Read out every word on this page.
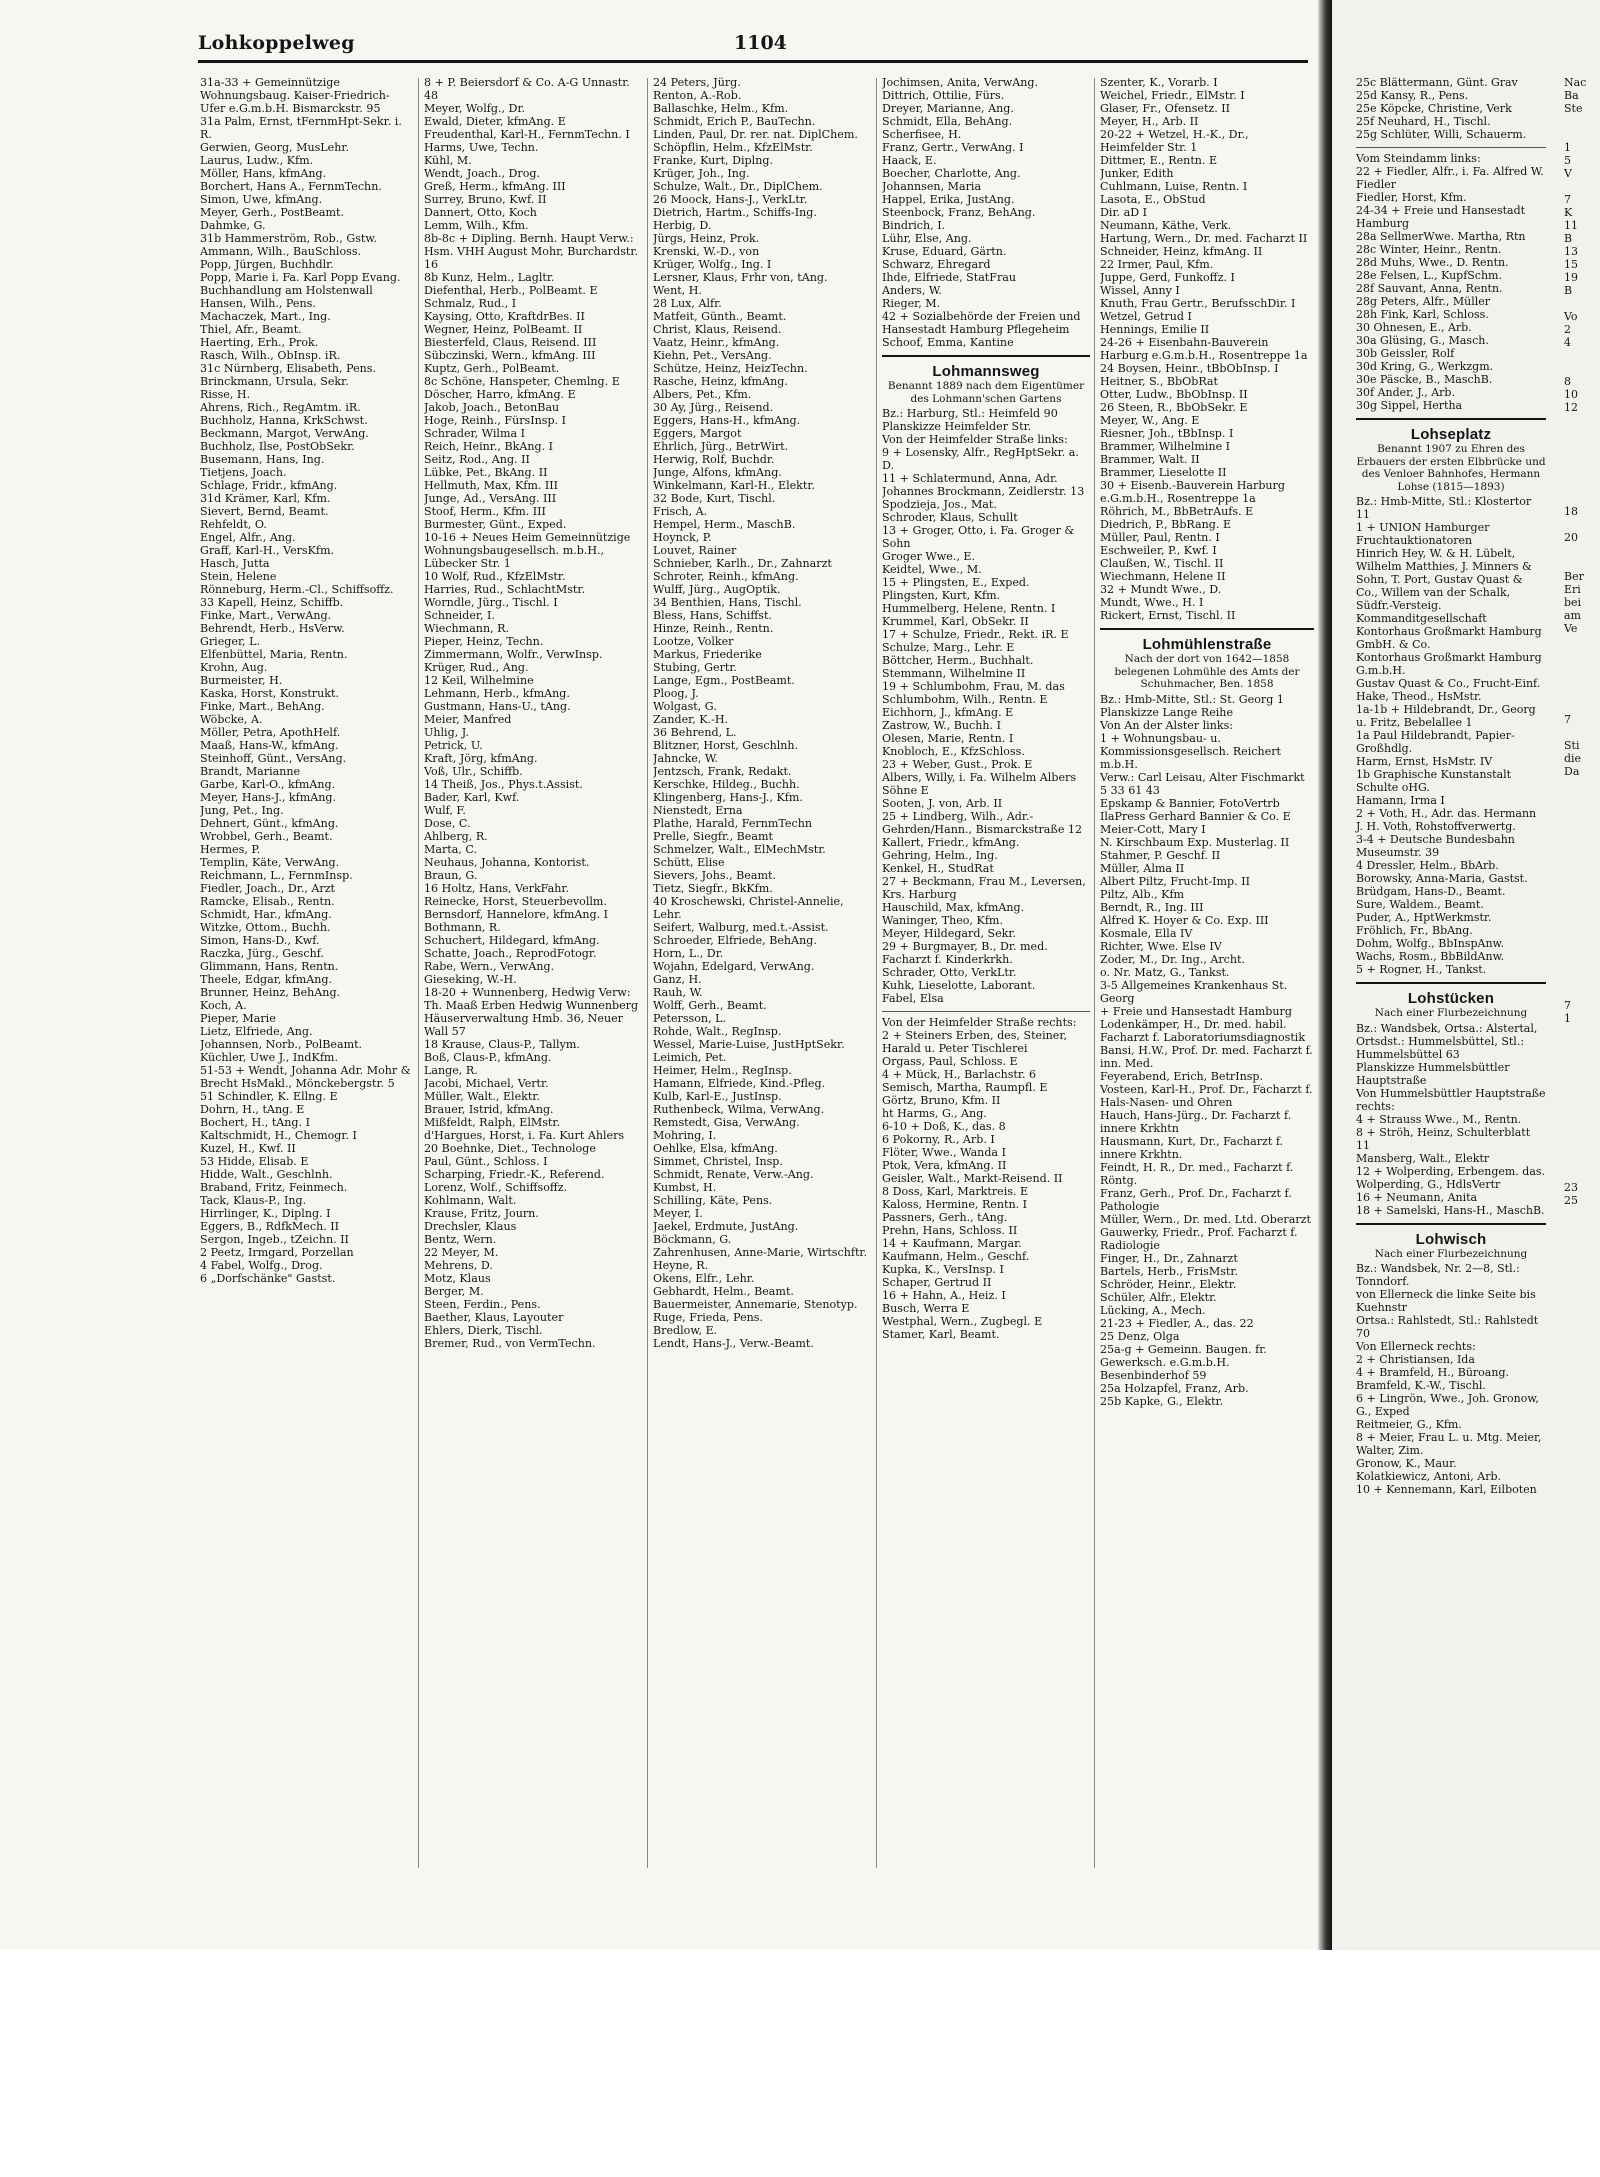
Lohkoppelweg	1104
31a-33 + Gemeinnützige Wohnungsbaug. Kaiser-Friedrich-Ufer e.G.m.b.H. Bismarckstr. 95
31a Palm, Ernst, tFernmHpt-Sekr. i. R.
Gerwien, Georg, MusLehr.
Laurus, Ludw., Kfm.
Möller, Hans, kfmAng.
Borchert, Hans A., FernmTechn.
Simon, Uwe, kfmAng.
Meyer, Gerh., PostBeamt.
Dahmke, G.
31b Hammerström, Rob., Gstw.
Ammann, Wilh., BauSchloss.
Popp, Jürgen, Buchhdlr.
Popp, Marie i. Fa. Karl Popp Evang. Buchhandlung am Holstenwall
Hansen, Wilh., Pens.
Machaczek, Mart., Ing.
Thiel, Afr., Beamt.
Haerting, Erh., Prok.
Rasch, Wilh., ObInsp. iR.
31c Nürnberg, Elisabeth, Pens.
Brinckmann, Ursula, Sekr.
Risse, H.
Ahrens, Rich., RegAmtm. iR.
Buchholz, Hanna, KrkSchwst.
Beckmann, Margot, VerwAng.
Buchholz, Ilse, PostObSekr.
Busemann, Hans, Ing.
Tietjens, Joach.
Schlage, Fridr., kfmAng.
31d Krämer, Karl, Kfm.
Sievert, Bernd, Beamt.
Rehfeldt, O.
Engel, Alfr., Ang.
Graff, Karl-H., VersKfm.
Hasch, Jutta
Stein, Helene
Rönneburg, Herm.-Cl., Schiffsoffz.
33 Kapell, Heinz, Schiffb.
Finke, Mart., VerwAng.
Behrendt, Herb., HsVerw.
Grieger, L.
Elfenbüttel, Maria, Rentn.
Krohn, Aug.
Burmeister, H.
Kaska, Horst, Konstrukt.
Finke, Mart., BehAng.
Wöbcke, A.
Möller, Petra, ApothHelf.
Maaß, Hans-W., kfmAng.
Steinhoff, Günt., VersAng.
Brandt, Marianne
Garbe, Karl-O., kfmAng.
Meyer, Hans-J., kfmAng.
Jung, Pet., Ing.
Dehnert, Günt., kfmAng.
Wrobbel, Gerh., Beamt.
Hermes, P.
Templin, Käte, VerwAng.
Reichmann, L., FernmInsp.
Fiedler, Joach., Dr., Arzt
Ramcke, Elisab., Rentn.
Schmidt, Har., kfmAng.
Witzke, Ottom., Buchh.
Simon, Hans-D., Kwf.
Raczka, Jürg., Geschf.
Glimmann, Hans, Rentn.
Theele, Edgar, kfmAng.
Brunner, Heinz, BehAng.
Koch, A.
Pieper, Marie
Lietz, Elfriede, Ang.
Johannsen, Norb., PolBeamt.
Küchler, Uwe J., IndKfm.
51-53 + Wendt, Johanna Adr. Mohr & Brecht HsMakl., Mönckebergstr. 5
51 Schindler, K. Ellng. E
Dohrn, H., tAng. E
Bochert, H., tAng. I
Kaltschmidt, H., Chemogr. I
Kuzel, H., Kwf. II
53 Hidde, Elisab. E
Hidde, Walt., Geschlnh.
Braband, Fritz, Feinmech.
Tack, Klaus-P., Ing.
Hirrlinger, K., Diplng. I
Eggers, B., RdfkMech. II
Sergon, Ingeb., tZeichn. II
2 Peetz, Irmgard, Porzellan
4 Fabel, Wolfg., Drog.
6 „Dorfschänke" Gastst.
8 + P. Beiersdorf & Co. A-G Unnastr. 48
Meyer, Wolfg., Dr.
Ewald, Dieter, kfmAng. E
Freudenthal, Karl-H., FernmTechn. I
Harms, Uwe, Techn.
Kühl, M.
Wendt, Joach., Drog.
Greß, Herm., kfmAng. III
Surrey, Bruno, Kwf. II
Dannert, Otto, Koch
Lemm, Wilh., Kfm.
8b-8c + Dipling. Bernh. Haupt Verw.: Hsm. VHH August Mohr, Burchardstr. 16
8b Kunz, Helm., Lagltr.
Diefenthal, Herb., PolBeamt. E
Schmalz, Rud., I
Kaysing, Otto, KraftdrBes. II
Wegner, Heinz, PolBeamt. II
Biesterfeld, Claus, Reisend. III
Sübczinski, Wern., kfmAng. III
Kuptz, Gerh., PolBeamt.
8c Schöne, Hanspeter, Chemlng. E
Döscher, Harro, kfmAng. E
Jakob, Joach., BetonBau
Hoge, Reinh., FürsInsp. I
Schrader, Wilma I
Reich, Heinr., BkAng. I
Seitz, Rod., Ang. II
Lübke, Pet., BkAng. II
Hellmuth, Max, Kfm. III
Junge, Ad., VersAng. III
Stoof, Herm., Kfm. III
Burmester, Günt., Exped.
10-16 + Neues Heim Gemeinnützige Wohnungsbaugesellsch. m.b.H., Lübecker Str. 1
10 Wolf, Rud., KfzElMstr.
Harries, Rud., SchlachtMstr.
Worndle, Jürg., Tischl. I
Schneider, I.
Wiechmann, R.
Pieper, Heinz, Techn.
Zimmermann, Wolfr., VerwInsp.
Krüger, Rud., Ang.
12 Keil, Wilhelmine
Lehmann, Herb., kfmAng.
Gustmann, Hans-U., tAng.
Meier, Manfred
Uhlig, J.
Petrick, U.
Kraft, Jörg, kfmAng.
Voß, Ulr., Schiffb.
14 Theiß, Jos., Phys.t.Assist.
Bader, Karl, Kwf.
Wulf, F.
Dose, C.
Ahlberg, R.
Marta, C.
Neuhaus, Johanna, Kontorist.
Braun, G.
16 Holtz, Hans, VerkFahr.
Reinecke, Horst, Steuerbevollm.
Bernsdorf, Hannelore, kfmAng. I
Bothmann, R.
Schuchert, Hildegard, kfmAng.
Schatte, Joach., ReprodFotogr.
Rabe, Wern., VerwAng.
Gieseking, W.-H.
18-20 + Wunnenberg, Hedwig Verw: Th. Maaß Erben Hedwig Wunnenberg Häuserverwaltung Hmb. 36, Neuer Wall 57
18 Krause, Claus-P., Tallym.
Boß, Claus-P., kfmAng.
Lange, R.
Jacobi, Michael, Vertr.
Müller, Walt., Elektr.
Brauer, Istrid, kfmAng.
Mißfeldt, Ralph, ElMstr.
d'Hargues, Horst, i. Fa. Kurt Ahlers
20 Boehnke, Diet., Technologe
Paul, Günt., Schloss. I
Scharping, Friedr.-K., Referend.
Lorenz, Wolf., Schiffsoffz.
Kohlmann, Walt.
Krause, Fritz, Journ.
Drechsler, Klaus
Bentz, Wern.
22 Meyer, M.
Mehrens, D.
Motz, Klaus
Berger, M.
Steen, Ferdin., Pens.
Baether, Klaus, Layouter
Ehlers, Dierk, Tischl.
Bremer, Rud., von VermTechn.
24 Peters, Jürg.
Renton, A.-Rob.
Ballaschke, Helm., Kfm.
Schmidt, Erich P., BauTechn.
Linden, Paul, Dr. rer. nat. DiplChem.
Schöpflin, Helm., KfzElMstr.
Franke, Kurt, Diplng.
Krüger, Joh., Ing.
Schulze, Walt., Dr., DiplChem.
26 Moock, Hans-J., VerkLtr.
Dietrich, Hartm., Schiffs-Ing.
Herbig, D.
Jürgs, Heinz, Prok.
Krenski, W.-D., von
Krüger, Wolfg., Ing. I
Lersner, Klaus, Frhr von, tAng.
Went, H.
28 Lux, Alfr.
Matfeit, Günth., Beamt.
Christ, Klaus, Reisend.
Vaatz, Heinr., kfmAng.
Kiehn, Pet., VersAng.
Schütze, Heinz, HeizTechn.
Rasche, Heinz, kfmAng.
Albers, Pet., Kfm.
30 Ay, Jürg., Reisend.
Eggers, Hans-H., kfmAng.
Eggers, Margot
Ehrlich, Jürg., BetrWirt.
Herwig, Rolf, Buchdr.
Junge, Alfons, kfmAng.
Winkelmann, Karl-H., Elektr.
32 Bode, Kurt, Tischl.
Frisch, A.
Hempel, Herm., MaschB.
Hoynck, P.
Louvet, Rainer
Schnieber, Karlh., Dr., Zahnarzt
Schroter, Reinh., kfmAng.
Wulff, Jürg., AugOptik.
34 Benthien, Hans, Tischl.
Bless, Hans, Schiffst.
Hinze, Reinh., Rentn.
Lootze, Volker
Markus, Friederike
Stubing, Gertr.
Lange, Egm., PostBeamt.
Ploog, J.
Wolgast, G.
Zander, K.-H.
36 Behrend, L.
Blitzner, Horst, Geschlnh.
Jahncke, W.
Jentzsch, Frank, Redakt.
Kerschke, Hildeg., Buchh.
Klingenberg, Hans-J., Kfm.
Nienstedt, Erna
Plathe, Harald, FernmTechn
Prelle, Siegfr., Beamt
Schmelzer, Walt., ElMechMstr.
Schütt, Elise
Sievers, Johs., Beamt.
Tietz, Siegfr., BkKfm.
40 Kroschewski, Christel-Annelie, Lehr.
Seifert, Walburg, med.t.-Assist.
Schroeder, Elfriede, BehAng.
Horn, L., Dr.
Wojahn, Edelgard, VerwAng.
Ganz, H.
Rauh, W.
Wolff, Gerh., Beamt.
Petersson, L.
Rohde, Walt., RegInsp.
Wessel, Marie-Luise, JustHptSekr.
Leimich, Pet.
Heimer, Helm., RegInsp.
Hamann, Elfriede, Kind.-Pfleg.
Kulb, Karl-E., JustInsp.
Ruthenbeck, Wilma, VerwAng.
Remstedt, Gisa, VerwAng.
Mohring, I.
Oehlke, Elsa, kfmAng.
Simmet, Christel, Insp.
Schmidt, Renate, Verw.-Ang.
Kumbst, H.
Schilling, Käte, Pens.
Meyer, I.
Jaekel, Erdmute, JustAng.
Böckmann, G.
Zahrenhusen, Anne-Marie, Wirtschftr.
Heyne, R.
Okens, Elfr., Lehr.
Gebhardt, Helm., Beamt.
Bauermeister, Annemarie, Stenotyp.
Ruge, Frieda, Pens.
Bredlow, E.
Lendt, Hans-J., Verw.-Beamt.
Jochimsen, Anita, VerwAng.
Dittrich, Ottilie, Fürs.
Dreyer, Marianne, Ang.
Schmidt, Ella, BehAng.
Scherfisee, H.
Franz, Gertr., VerwAng. I
Haack, E.
Boecher, Charlotte, Ang.
Johannsen, Maria
Happel, Erika, JustAng.
Steenbock, Franz, BehAng.
Bindrich, I.
Lühr, Else, Ang.
Kruse, Eduard, Gärtn.
Schwarz, Ehregard
Ihde, Elfriede, StatFrau
Anders, W.
Rieger, M.
42 + Sozialbehörde der Freien und Hansestadt Hamburg Pflegeheim
Schoof, Emma, Kantine
Lohmannsweg
Benannt 1889 nach dem Eigentümer des Lohmann'schen Gartens
Bz.: Harburg, Stl.: Heimfeld 90
Planskizze Heimfelder Str.
Von der Heimfelder Straße links:
9 + Losensky, Alfr., RegHptSekr. a. D.
11 + Schlatermund, Anna, Adr. Johannes Brockmann, Zeidlerstr. 13
Spodzieja, Jos., Mat.
Schroder, Klaus, Schullt
13 + Groger, Otto, i. Fa. Groger & Sohn
Groger Wwe., E.
Keidtel, Wwe., M.
15 + Plingsten, E., Exped.
Plingsten, Kurt, Kfm.
Hummelberg, Helene, Rentn. I
Krummel, Karl, ObSekr. II
17 + Schulze, Friedr., Rekt. iR. E
Schulze, Marg., Lehr. E
Böttcher, Herm., Buchhalt.
Stemmann, Wilhelmine II
19 + Schlumbohm, Frau, M. das Schlumbohm, Wilh., Rentn. E
Eichhorn, J., kfmAng. E
Zastrow, W., Buchh. I
Olesen, Marie, Rentn. I
Knobloch, E., KfzSchloss.
23 + Weber, Gust., Prok. E
Albers, Willy, i. Fa. Wilhelm Albers Söhne E
Sooten, J. von, Arb. II
25 + Lindberg, Wilh., Adr.-Gehrden/Hann., Bismarckstraße 12
Kallert, Friedr., kfmAng.
Gehring, Helm., Ing.
Kenkel, H., StudRat
27 + Beckmann, Frau M., Leversen, Krs. Harburg
Hauschild, Max, kfmAng.
Waninger, Theo, Kfm.
Meyer, Hildegard, Sekr.
29 + Burgmayer, B., Dr. med. Facharzt f. Kinderkrkh.
Schrader, Otto, VerkLtr.
Kuhk, Lieselotte, Laborant.
Fabel, Elsa
Von der Heimfelder Straße rechts:
2 + Steiners Erben, des, Steiner, Harald u. Peter Tischlerei
Orgass, Paul, Schloss. E
4 + Mück, H., Barlachstr. 6
Semisch, Martha, Raumpfl. E
Görtz, Bruno, Kfm. II
ht Harms, G., Ang.
6-10 + Doß, K., das. 8
6 Pokorny, R., Arb. I
Flöter, Wwe., Wanda I
Ptok, Vera, kfmAng. II
Geisler, Walt., Markt-Reisend. II
8 Doss, Karl, Marktreis. E
Kaloss, Hermine, Rentn. I
Passners, Gerh., tAng.
Prehn, Hans, Schloss. II
14 + Kaufmann, Margar.
Kaufmann, Helm., Geschf.
Kupka, K., VersInsp. I
Schaper, Gertrud II
16 + Hahn, A., Heiz. I
Busch, Werra E
Westphal, Wern., Zugbegl. E
Stamer, Karl, Beamt.
Szenter, K., Vorarb. I
Weichel, Friedr., ElMstr. I
Glaser, Fr., Ofensetz. II
Meyer, H., Arb. II
20-22 + Wetzel, H.-K., Dr., Heimfelder Str. 1
Dittmer, E., Rentn. E
Junker, Edith
Cuhlmann, Luise, Rentn. I
Lasota, E., ObStud
Dir. aD I
Neumann, Käthe, Verk.
Hartung, Wern., Dr. med. Facharzt II
Schneider, Heinz, kfmAng. II
22 Irmer, Paul, Kfm.
Juppe, Gerd, Funkoffz. I
Wissel, Anny I
Knuth, Frau Gertr., BerufsschDir. I
Wetzel, Getrud I
Hennings, Emilie II
24-26 + Eisenbahn-Bauverein Harburg e.G.m.b.H., Rosentreppe 1a
24 Boysen, Heinr., tBbObInsp. I
Heitner, S., BbObRat
Otter, Ludw., BbObInsp. II
26 Steen, R., BbObSekr. E
Meyer, W., Ang. E
Riesner, Joh., tBbInsp. I
Brammer, Wilhelmine I
Brammer, Walt. II
Brammer, Lieselotte II
30 + Eisenb.-Bauverein Harburg e.G.m.b.H., Rosentreppe 1a
Röhrich, M., BbBetrAufs. E
Diedrich, P., BbRang. E
Müller, Paul, Rentn. I
Eschweiler, P., Kwf. I
Claußen, W., Tischl. II
Wiechmann, Helene II
32 + Mundt Wwe., D.
Mundt, Wwe., H. I
Rickert, Ernst, Tischl. II
Lohmühlenstraße
Nach der dort von 1642—1858 belegenen Lohmühle des Amts der Schuhmacher, Ben. 1858
Bz.: Hmb-Mitte, Stl.: St. Georg 1
Planskizze Lange Reihe
Von An der Alster links:
1 + Wohnungsbau- u. Kommissionsgesellsch. Reichert m.b.H.
Verw.: Carl Leisau, Alter Fischmarkt 5 33 61 43
Epskamp & Bannier, FotoVertrb
IlaPress Gerhard Bannier & Co. E
Meier-Cott, Mary I
N. Kirschbaum Exp. Musterlag. II
Stahmer, P. Geschf. II
Müller, Alma II
Albert Piltz, Frucht-Imp. II
Piltz, Alb., Kfm
Berndt, R., Ing. III
Alfred K. Hoyer & Co. Exp. III
Kosmale, Ella IV
Richter, Wwe. Else IV
Zoder, M., Dr. Ing., Archt.
o. Nr. Matz, G., Tankst.
3-5 Allgemeines Krankenhaus St. Georg
+ Freie und Hansestadt Hamburg
Lodenkämper, H., Dr. med. habil. Facharzt f. Laboratoriumsdiagnostik
Bansi, H.W., Prof. Dr. med. Facharzt f. inn. Med.
Feyerabend, Erich, BetrInsp.
Vosteen, Karl-H., Prof. Dr., Facharzt f. Hals-Nasen- und Ohren
Hauch, Hans-Jürg., Dr. Facharzt f. innere Krkhtn
Hausmann, Kurt, Dr., Facharzt f. innere Krkhtn.
Feindt, H. R., Dr. med., Facharzt f. Röntg.
Franz, Gerh., Prof. Dr., Facharzt f. Pathologie
Müller, Wern., Dr. med. Ltd. Oberarzt
Gauwerky, Friedr., Prof. Facharzt f. Radiologie
Finger, H., Dr., Zahnarzt
Bartels, Herb., FrisMstr.
Schröder, Heinr., Elektr.
Schüler, Alfr., Elektr.
Lücking, A., Mech.
21-23 + Fiedler, A., das. 22
25 Denz, Olga
25a-g + Gemeinn. Baugen. fr. Gewerksch. e.G.m.b.H. Besenbinderhof 59
25a Holzapfel, Franz, Arb.
25b Kapke, G., Elektr.
25c Blättermann, Günt. Grav
25d Kansy, R., Pens.
25e Köpcke, Christine, Verk
25f Neuhard, H., Tischl.
25g Schlüter, Willi, Schauerm.
Vom Steindamm links:
22 + Fiedler, Alfr., i. Fa. Alfred W. Fiedler
Fiedler, Horst, Kfm.
24-34 + Freie und Hansestadt Hamburg
28a SellmerWwe. Martha, Rtn
28c Winter, Heinr., Rentn.
28d Muhs, Wwe., D. Rentn.
28e Felsen, L., KupfSchm.
28f Sauvant, Anna, Rentn.
28g Peters, Alfr., Müller
28h Fink, Karl, Schloss.
30 Ohnesen, E., Arb.
30a Glüsing, G., Masch.
30b Geissler, Rolf
30d Kring, G., Werkzgm.
30e Päscke, B., MaschB.
30f Ander, J., Arb.
30g Sippel, Hertha
Lohseplatz
Benannt 1907 zu Ehren des Erbauers der ersten Elbbrücke und des Venloer Bahnhofes, Hermann Lohse (1815—1893)
Bz.: Hmb-Mitte, Stl.: Klostertor 11
1 + UNION Hamburger Fruchtauktionatoren
Hinrich Hey, W. & H. Lübelt, Wilhelm Matthies, J. Minners & Sohn, T. Port, Gustav Quast & Co., Willem van der Schalk, Südfr.-Versteig.
Kommanditgesellschaft Kontorhaus Großmarkt Hamburg GmbH. & Co.
Kontorhaus Großmarkt Hamburg G.m.b.H.
Gustav Quast & Co., Frucht-Einf.
Hake, Theod., HsMstr.
1a-1b + Hildebrandt, Dr., Georg u. Fritz, Bebelallee 1
1a Paul Hildebrandt, Papier-Großhdlg.
Harm, Ernst, HsMstr. IV
1b Graphische Kunstanstalt Schulte oHG.
Hamann, Irma I
2 + Voth, H., Adr. das. Hermann J. H. Voth, Rohstoffverwertg.
3-4 + Deutsche Bundesbahn Museumstr. 39
4 Dressler, Helm., BbArb.
Borowsky, Anna-Maria, Gastst.
Brüdgam, Hans-D., Beamt.
Sure, Waldem., Beamt.
Puder, A., HptWerkmstr.
Fröhlich, Fr., BbAng.
Dohm, Wolfg., BbInspAnw.
Wachs, Rosm., BbBildAnw.
5 + Rogner, H., Tankst.
Lohstücken
Nach einer Flurbezeichnung
Bz.: Wandsbek, Ortsa.: Alstertal, Ortsdst.: Hummelsbüttel, Stl.: Hummelsbüttel 63
Planskizze Hummelsbüttler Hauptstraße
Von Hummelsbüttler Hauptstraße rechts:
4 + Strauss Wwe., M., Rentn.
8 + Ströh, Heinz, Schulterblatt 11
Mansberg, Walt., Elektr
12 + Wolperding, Erbengem. das.
Wolperding, G., HdlsVertr
16 + Neumann, Anita
18 + Samelski, Hans-H., MaschB.
Lohwisch
Nach einer Flurbezeichnung
Bz.: Wandsbek, Nr. 2—8, Stl.: Tonndorf.
von Ellerneck die linke Seite bis Kuehnstr
Ortsa.: Rahlstedt, Stl.: Rahlstedt 70
Von Ellerneck rechts:
2 + Christiansen, Ida
4 + Bramfeld, H., Büroang. Bramfeld, K.-W., Tischl.
6 + Lingrön, Wwe., Joh. Gronow, G., Exped
Reitmeier, G., Kfm.
8 + Meier, Frau L. u. Mtg. Meier, Walter, Zim.
Gronow, K., Maur.
Kolatkiewicz, Antoni, Arb.
10 + Kennemann, Karl, Eilboten
Nac
Ba
Ste

1
5
V

7
K
11
B
13
15
19
B

Vo
2
4

8
10
12

18

20

Ber
Eri
bei
am
Ve

7

Sti
die
Da

7
1

23
25
